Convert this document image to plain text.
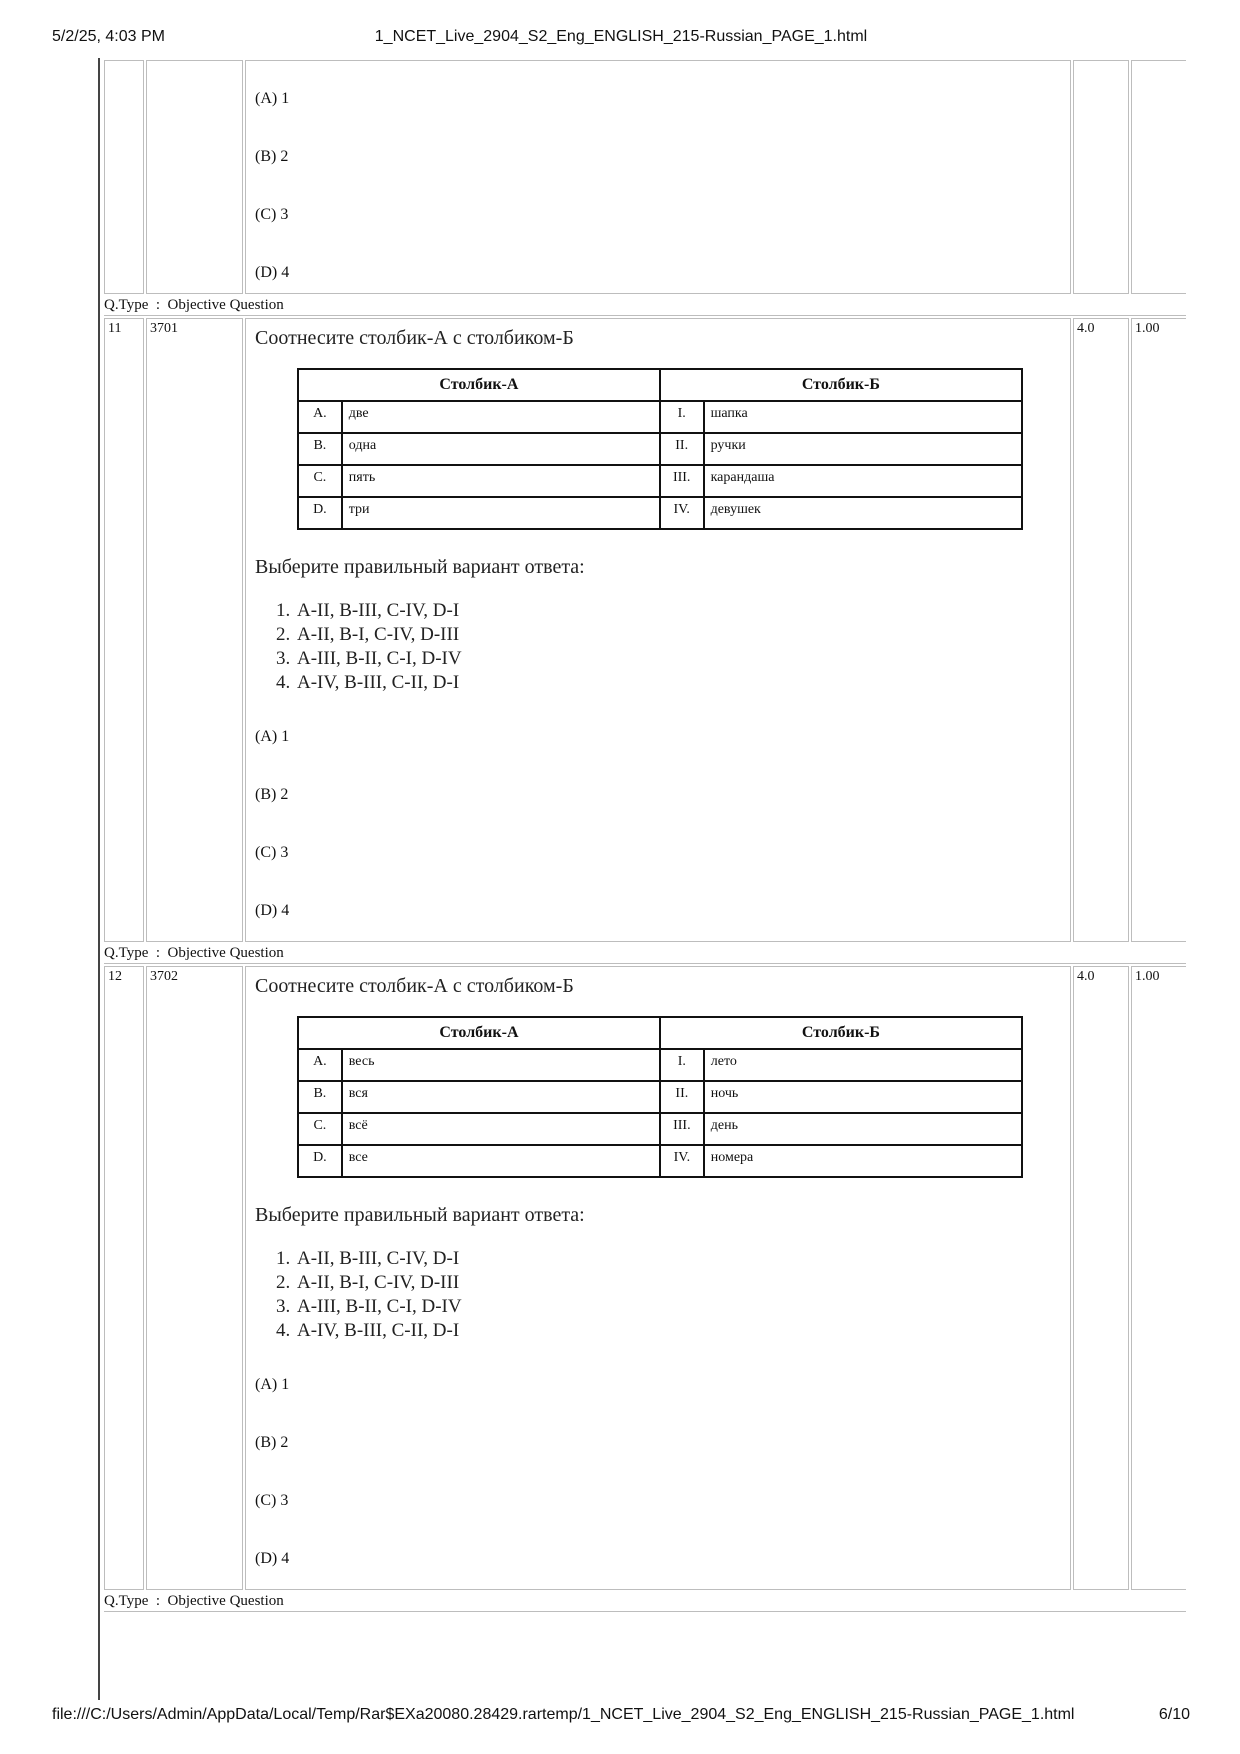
5/2/25, 4:03 PM	1_NCET_Live_2904_S2_Eng_ENGLISH_215-Russian_PAGE_1.html

(A) 1
(B) 2
(C) 3
(D) 4

Q.Type  :  Objective Question
11	3701	Соотнесите столбик-А с столбиком-Б
Столбик-А	Столбик-Б
A.	две	I.	шапка
B.	одна	II.	ручки
C.	пять	III.	карандаша
D.	три	IV.	девушек
Выберите правильный вариант ответа:
1. A-II, B-III, C-IV, D-I
2. A-II, B-I, C-IV, D-III
3. A-III, B-II, C-I, D-IV
4. A-IV, B-III, C-II, D-I
(A) 1
(B) 2
(C) 3
(D) 4
	4.0	1.00
Q.Type  :  Objective Question
12	3702	Соотнесите столбик-А с столбиком-Б
Столбик-А	Столбик-Б
A.	весь	I.	лето
B.	вся	II.	ночь
C.	всё	III.	день
D.	все	IV.	номера
Выберите правильный вариант ответа:
1. A-II, B-III, C-IV, D-I
2. A-II, B-I, C-IV, D-III
3. A-III, B-II, C-I, D-IV
4. A-IV, B-III, C-II, D-I
(A) 1
(B) 2
(C) 3
(D) 4
	4.0	1.00
Q.Type  :  Objective Question
file:///C:/Users/Admin/AppData/Local/Temp/Rar$EXa20080.28429.rartemp/1_NCET_Live_2904_S2_Eng_ENGLISH_215-Russian_PAGE_1.html	6/10
